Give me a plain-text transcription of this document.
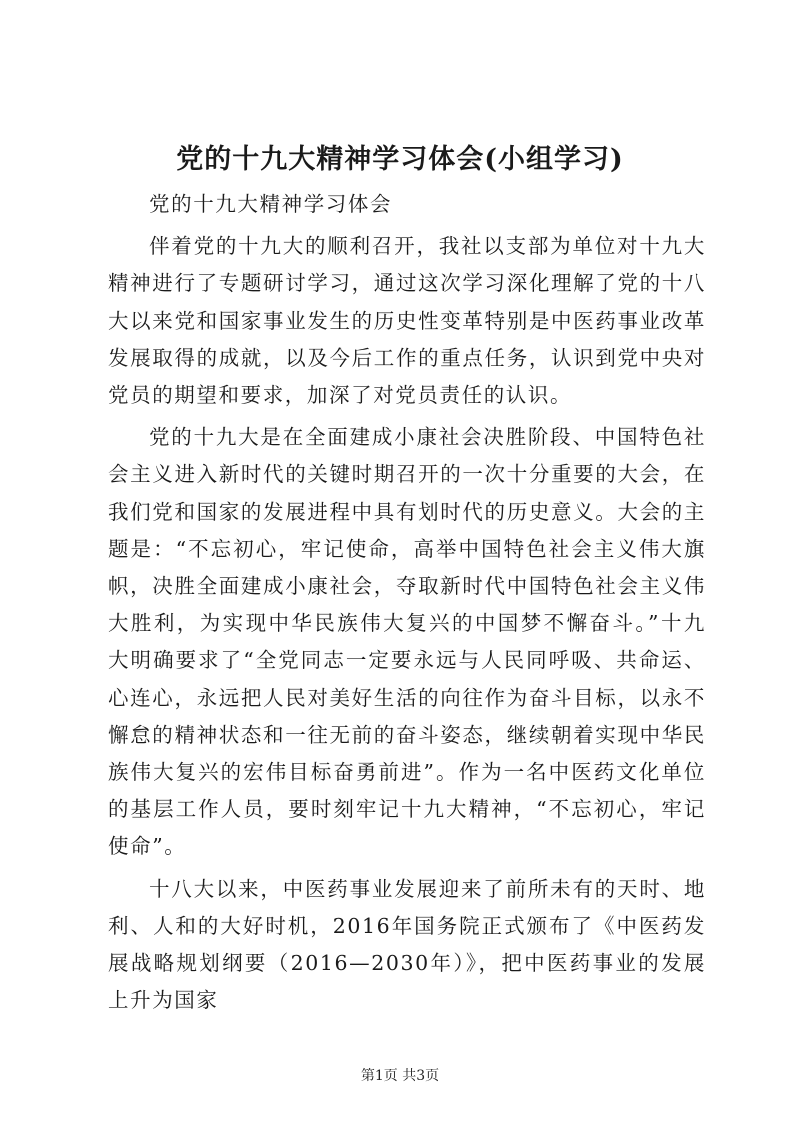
党的十九大精神学习体会(小组学习)

党的十九大精神学习体会

伴着党的十九大的顺利召开，我社以支部为单位对十九大精神进行了专题研讨学习，通过这次学习深化理解了党的十八大以来党和国家事业发生的历史性变革特别是中医药事业改革发展取得的成就，以及今后工作的重点任务，认识到党中央对党员的期望和要求，加深了对党员责任的认识。

党的十九大是在全面建成小康社会决胜阶段、中国特色社会主义进入新时代的关键时期召开的一次十分重要的大会，在我们党和国家的发展进程中具有划时代的历史意义。大会的主题是：“不忘初心，牢记使命，高举中国特色社会主义伟大旗帜，决胜全面建成小康社会，夺取新时代中国特色社会主义伟大胜利，为实现中华民族伟大复兴的中国梦不懈奋斗。”十九大明确要求了“全党同志一定要永远与人民同呼吸、共命运、心连心，永远把人民对美好生活的向往作为奋斗目标，以永不懈怠的精神状态和一往无前的奋斗姿态，继续朝着实现中华民族伟大复兴的宏伟目标奋勇前进”。作为一名中医药文化单位的基层工作人员，要时刻牢记十九大精神，“不忘初心，牢记使命”。

十八大以来，中医药事业发展迎来了前所未有的天时、地利、人和的大好时机，2016年国务院正式颁布了《中医药发展战略规划纲要（2016—2030年）》，把中医药事业的发展上升为国家

第1页 共3页
